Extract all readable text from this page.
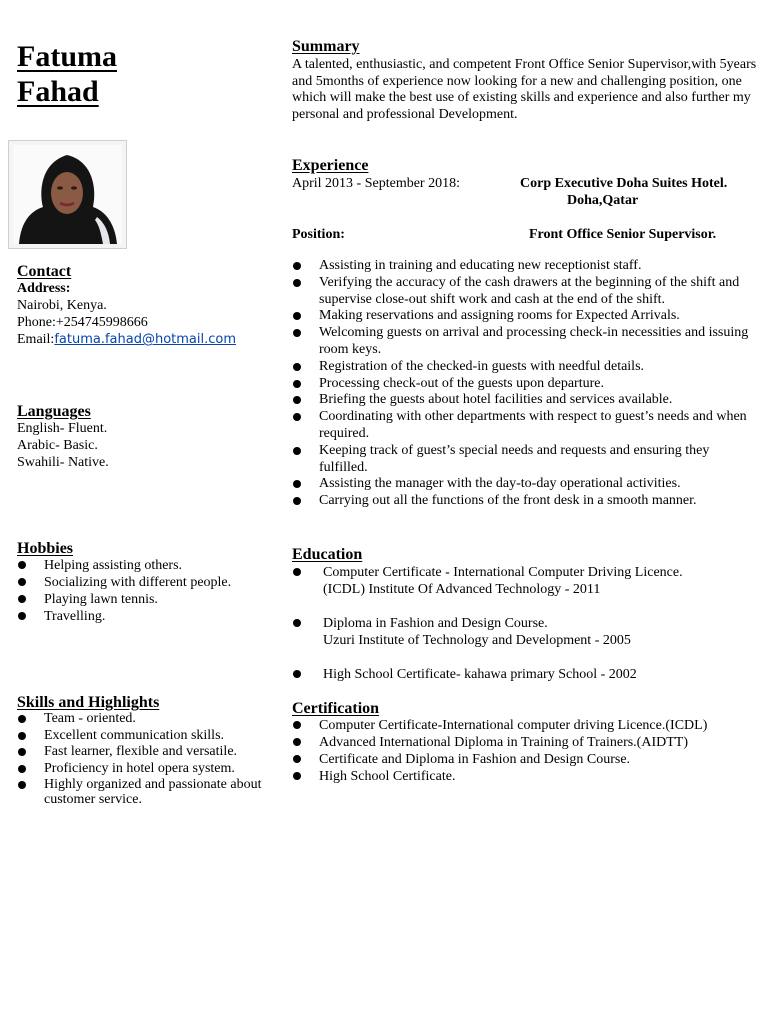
Fatuma
Fahad
Contact
Address:
Nairobi, Kenya.
Phone:+254745998666
Email:fatuma.fahad@hotmail.com
Languages
English- Fluent.
Arabic- Basic.
Swahili- Native.
Hobbies
Helping assisting others.
Socializing with different people.
Playing lawn tennis.
Travelling.
Skills and Highlights
Team - oriented.
Excellent communication skills.
Fast learner, flexible and versatile.
Proficiency in hotel opera system.
Highly organized and passionate about customer service.
Summary
A talented, enthusiastic, and competent Front Office Senior Supervisor,with 5years and 5months of experience now looking for a new and challenging position, one which will make the best use of existing skills and experience and also further my personal and professional Development.
Experience
April 2013 - September 2018:	Corp Executive Doha Suites Hotel.
Doha,Qatar
Position:	Front Office Senior Supervisor.
Assisting in training and educating new receptionist staff.
Verifying the accuracy of the cash drawers at the beginning of the shift and supervise close-out shift work and cash at the end of the shift.
Making reservations and assigning rooms for Expected Arrivals.
Welcoming guests on arrival and processing check-in necessities and issuing room keys.
Registration of the checked-in guests with needful details.
Processing check-out of the guests upon departure.
Briefing the guests about hotel facilities and services available.
Coordinating with other departments with respect to guest’s needs and when required.
Keeping track of guest’s special needs and requests and ensuring they fulfilled.
Assisting the manager with the day-to-day operational activities.
Carrying out all the functions of the front desk in a smooth manner.
Education
Computer Certificate - International Computer Driving Licence.
(ICDL) Institute Of Advanced Technology - 2011
Diploma in Fashion and Design Course.
Uzuri Institute of Technology and Development - 2005
High School Certificate- kahawa primary School - 2002
Certification
Computer Certificate-International computer driving Licence.(ICDL)
Advanced International Diploma in Training of Trainers.(AIDTT)
Certificate and Diploma in Fashion and Design Course.
High School Certificate.
